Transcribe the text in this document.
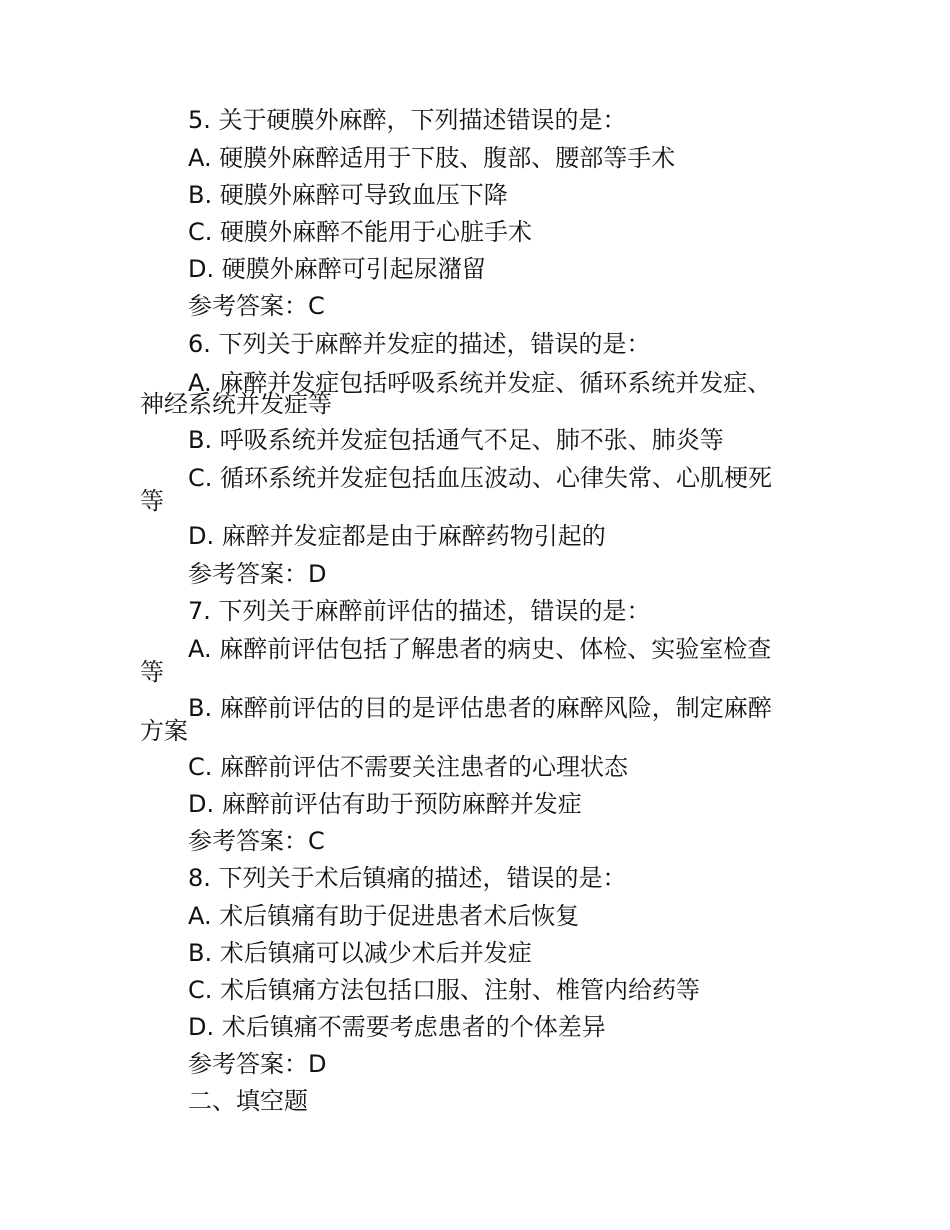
5. 关于硬膜外麻醉，下列描述错误的是：
A. 硬膜外麻醉适用于下肢、腹部、腰部等手术
B. 硬膜外麻醉可导致血压下降
C. 硬膜外麻醉不能用于心脏手术
D. 硬膜外麻醉可引起尿潴留
参考答案：C
6. 下列关于麻醉并发症的描述，错误的是：
A. 麻醉并发症包括呼吸系统并发症、循环系统并发症、
神经系统并发症等
B. 呼吸系统并发症包括通气不足、肺不张、肺炎等
C. 循环系统并发症包括血压波动、心律失常、心肌梗死
等
D. 麻醉并发症都是由于麻醉药物引起的
参考答案：D
7. 下列关于麻醉前评估的描述，错误的是：
A. 麻醉前评估包括了解患者的病史、体检、实验室检查
等
B. 麻醉前评估的目的是评估患者的麻醉风险，制定麻醉
方案
C. 麻醉前评估不需要关注患者的心理状态
D. 麻醉前评估有助于预防麻醉并发症
参考答案：C
8. 下列关于术后镇痛的描述，错误的是：
A. 术后镇痛有助于促进患者术后恢复
B. 术后镇痛可以减少术后并发症
C. 术后镇痛方法包括口服、注射、椎管内给药等
D. 术后镇痛不需要考虑患者的个体差异
参考答案：D
二、填空题
